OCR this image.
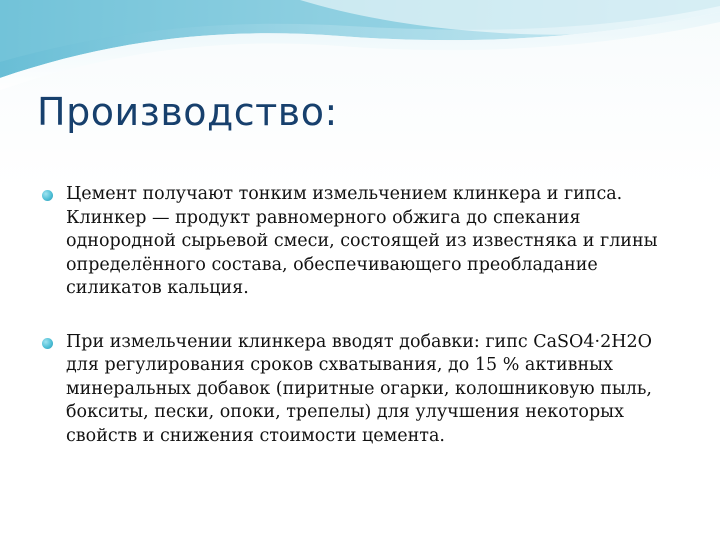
Производство:
Цемент получают тонким измельчением клинкера и гипса. Клинкер — продукт равномерного обжига до спекания однородной сырьевой смеси, состоящей из известняка и глины определённого состава, обеспечивающего преобладание силикатов кальция.
При измельчении клинкера вводят добавки: гипс CaSO4·2H2O для регулирования сроков схватывания, до 15 % активных минеральных добавок (пиритные огарки, колошниковую пыль, бокситы, пески, опоки, трепелы) для улучшения некоторых свойств и снижения стоимости цемента.
